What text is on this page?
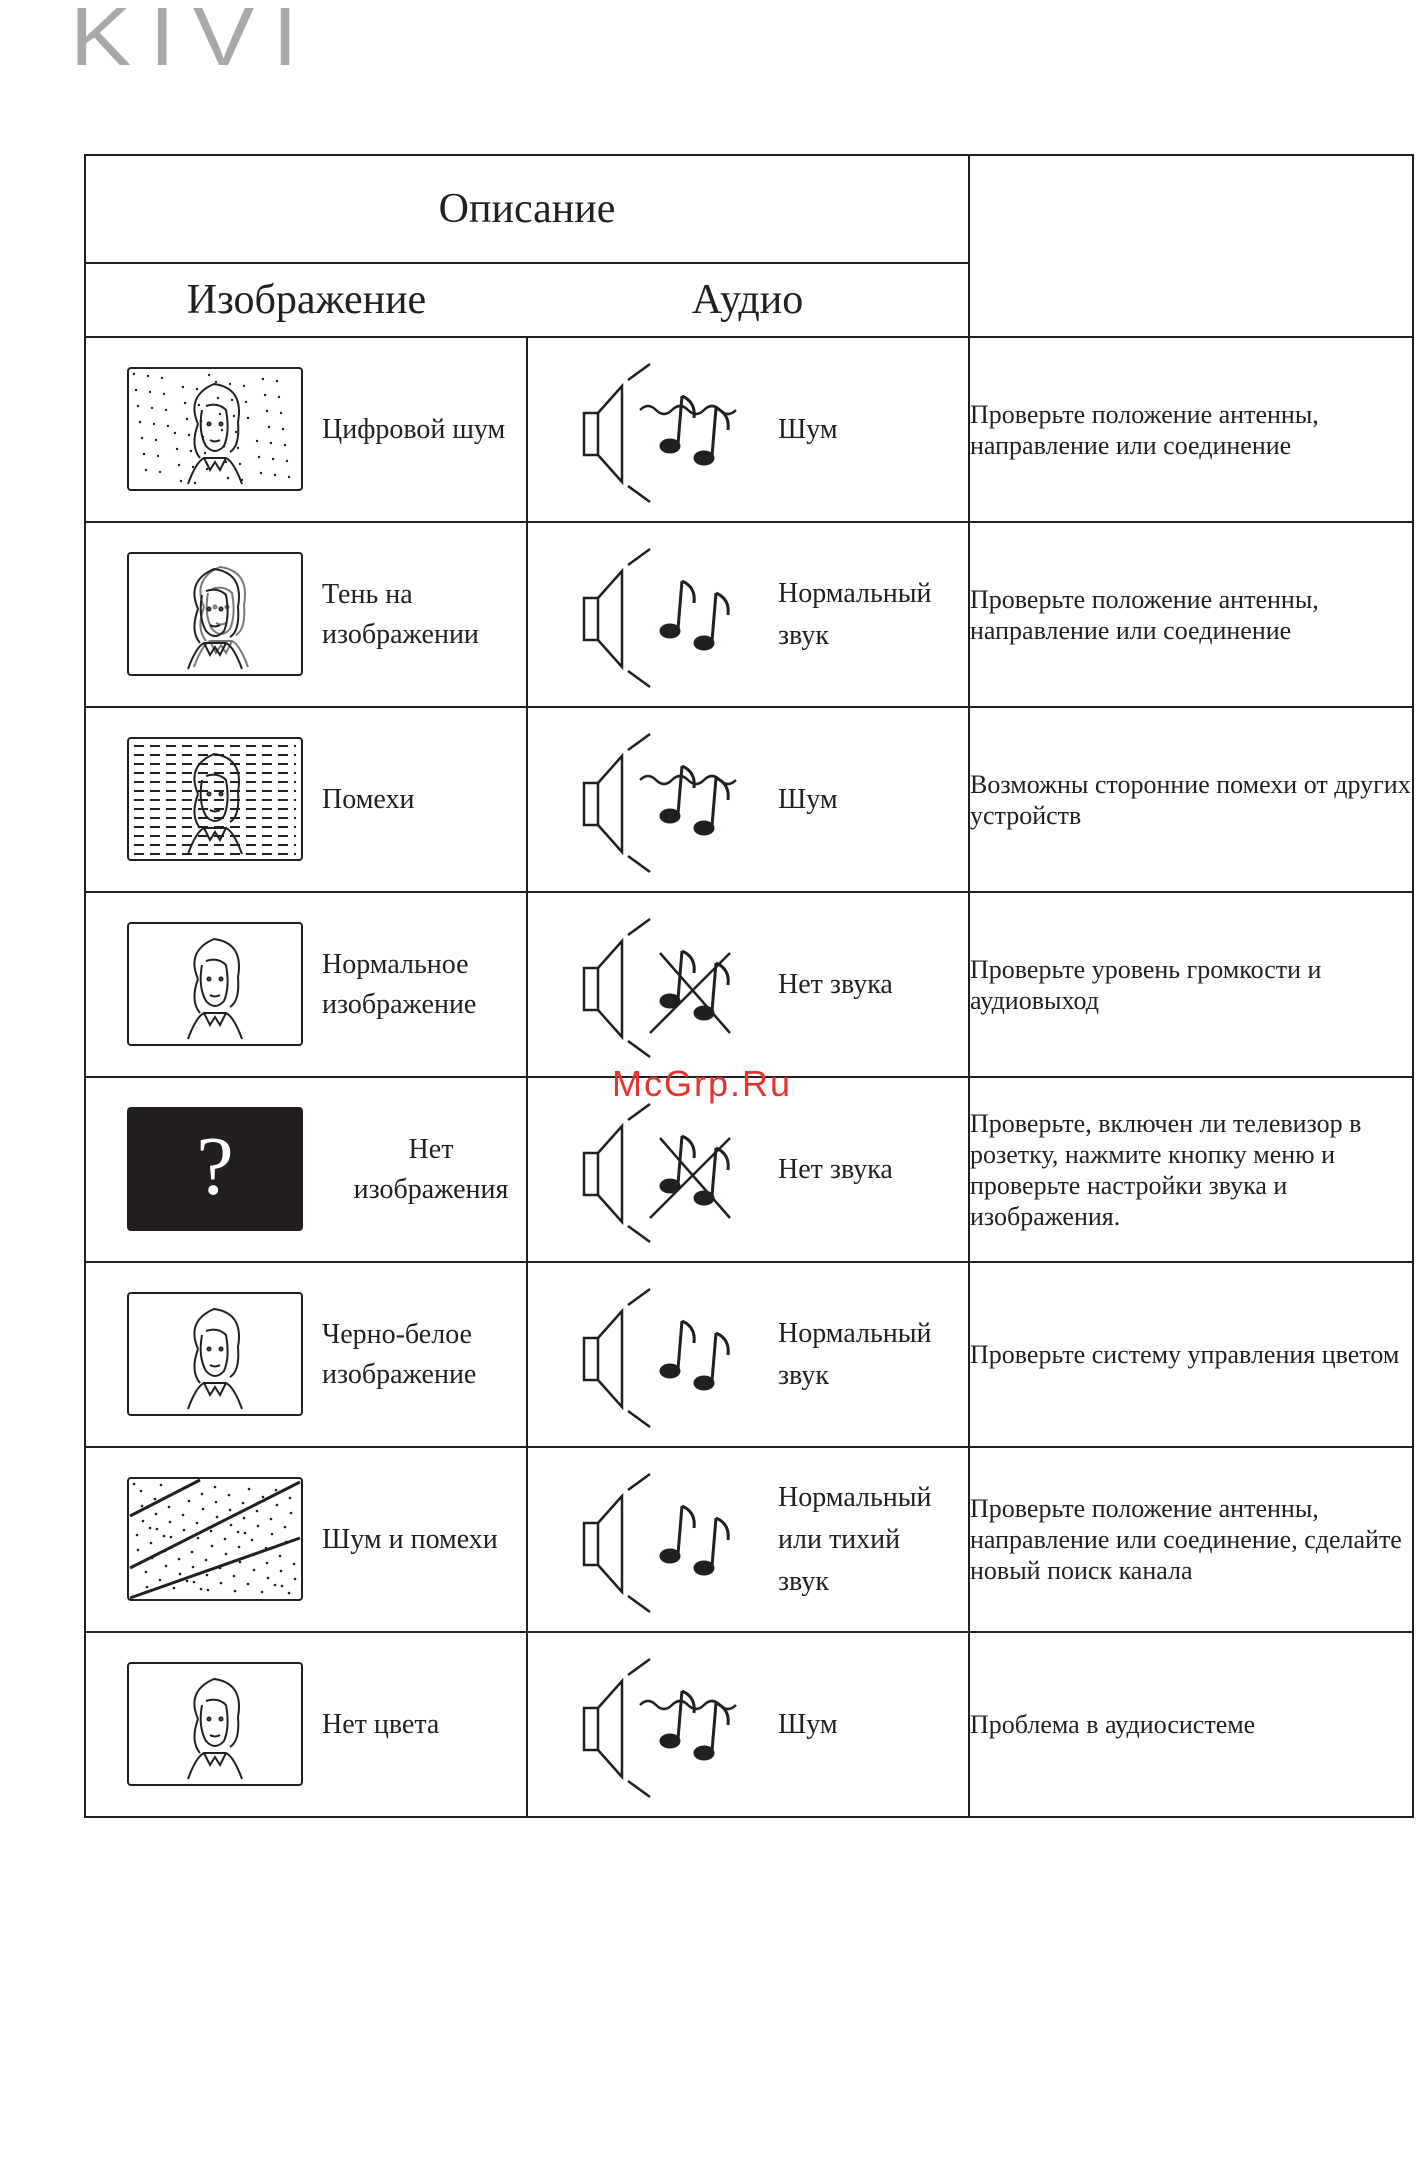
KIVI
Описание		
Изображение	Аудио	

Цифровой шум	Шум	Проверьте положение антенны, направление или соединение

Тень на изображении	Нормальный звук	Проверьте положение антенны, направление или соединение

Помехи	Шум	Возможны сторонние помехи от других устройств

Нормальное изображение	Нет звука	Проверьте уровень громкости и аудиовыход

? Нет изображения	Нет звука	Проверьте, включен ли телевизор в розетку, нажмите кнопку меню и проверьте настройки звука и изображения.

Черно-белое изображение	Нормальный звук	Проверьте систему управления цветом

Шум и помехи	Нормальный или тихий звук	Проверьте положение антенны, направление или соединение, сделайте новый поиск канала

Нет цвета	Шум	Проблема в аудиосистеме
McGrp.Ru
